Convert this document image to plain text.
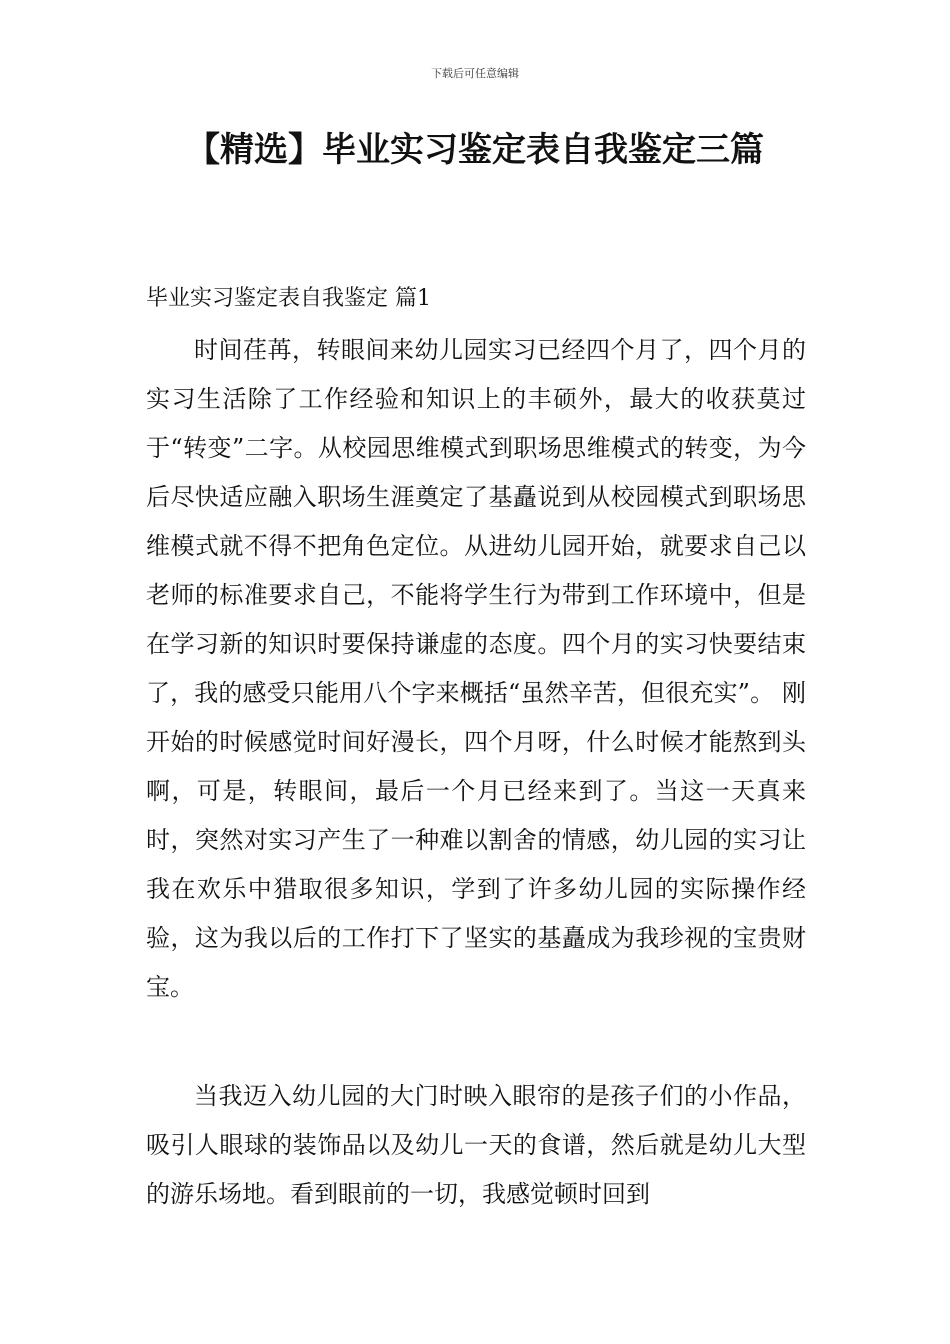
下载后可任意编辑
【精选】毕业实习鉴定表自我鉴定三篇
毕业实习鉴定表自我鉴定 篇1

时间荏苒，转眼间来幼儿园实习已经四个月了，四个月的实习生活除了工作经验和知识上的丰硕外，最大的收获莫过于“转变”二字。从校园思维模式到职场思维模式的转变，为今后尽快适应融入职场生涯奠定了基矗说到从校园模式到职场思维模式就不得不把角色定位。从进幼儿园开始，就要求自己以老师的标准要求自己，不能将学生行为带到工作环境中，但是在学习新的知识时要保持谦虚的态度。四个月的实习快要结束了，我的感受只能用八个字来概括“虽然辛苦，但很充实”。 刚开始的时候感觉时间好漫长，四个月呀，什么时候才能熬到头啊，可是，转眼间，最后一个月已经来到了。当这一天真来时，突然对实习产生了一种难以割舍的情感，幼儿园的实习让我在欢乐中猎取很多知识，学到了许多幼儿园的实际操作经验，这为我以后的工作打下了坚实的基矗成为我珍视的宝贵财宝。

当我迈入幼儿园的大门时映入眼帘的是孩子们的小作品，吸引人眼球的装饰品以及幼儿一天的食谱，然后就是幼儿大型的游乐场地。看到眼前的一切，我感觉顿时回到
